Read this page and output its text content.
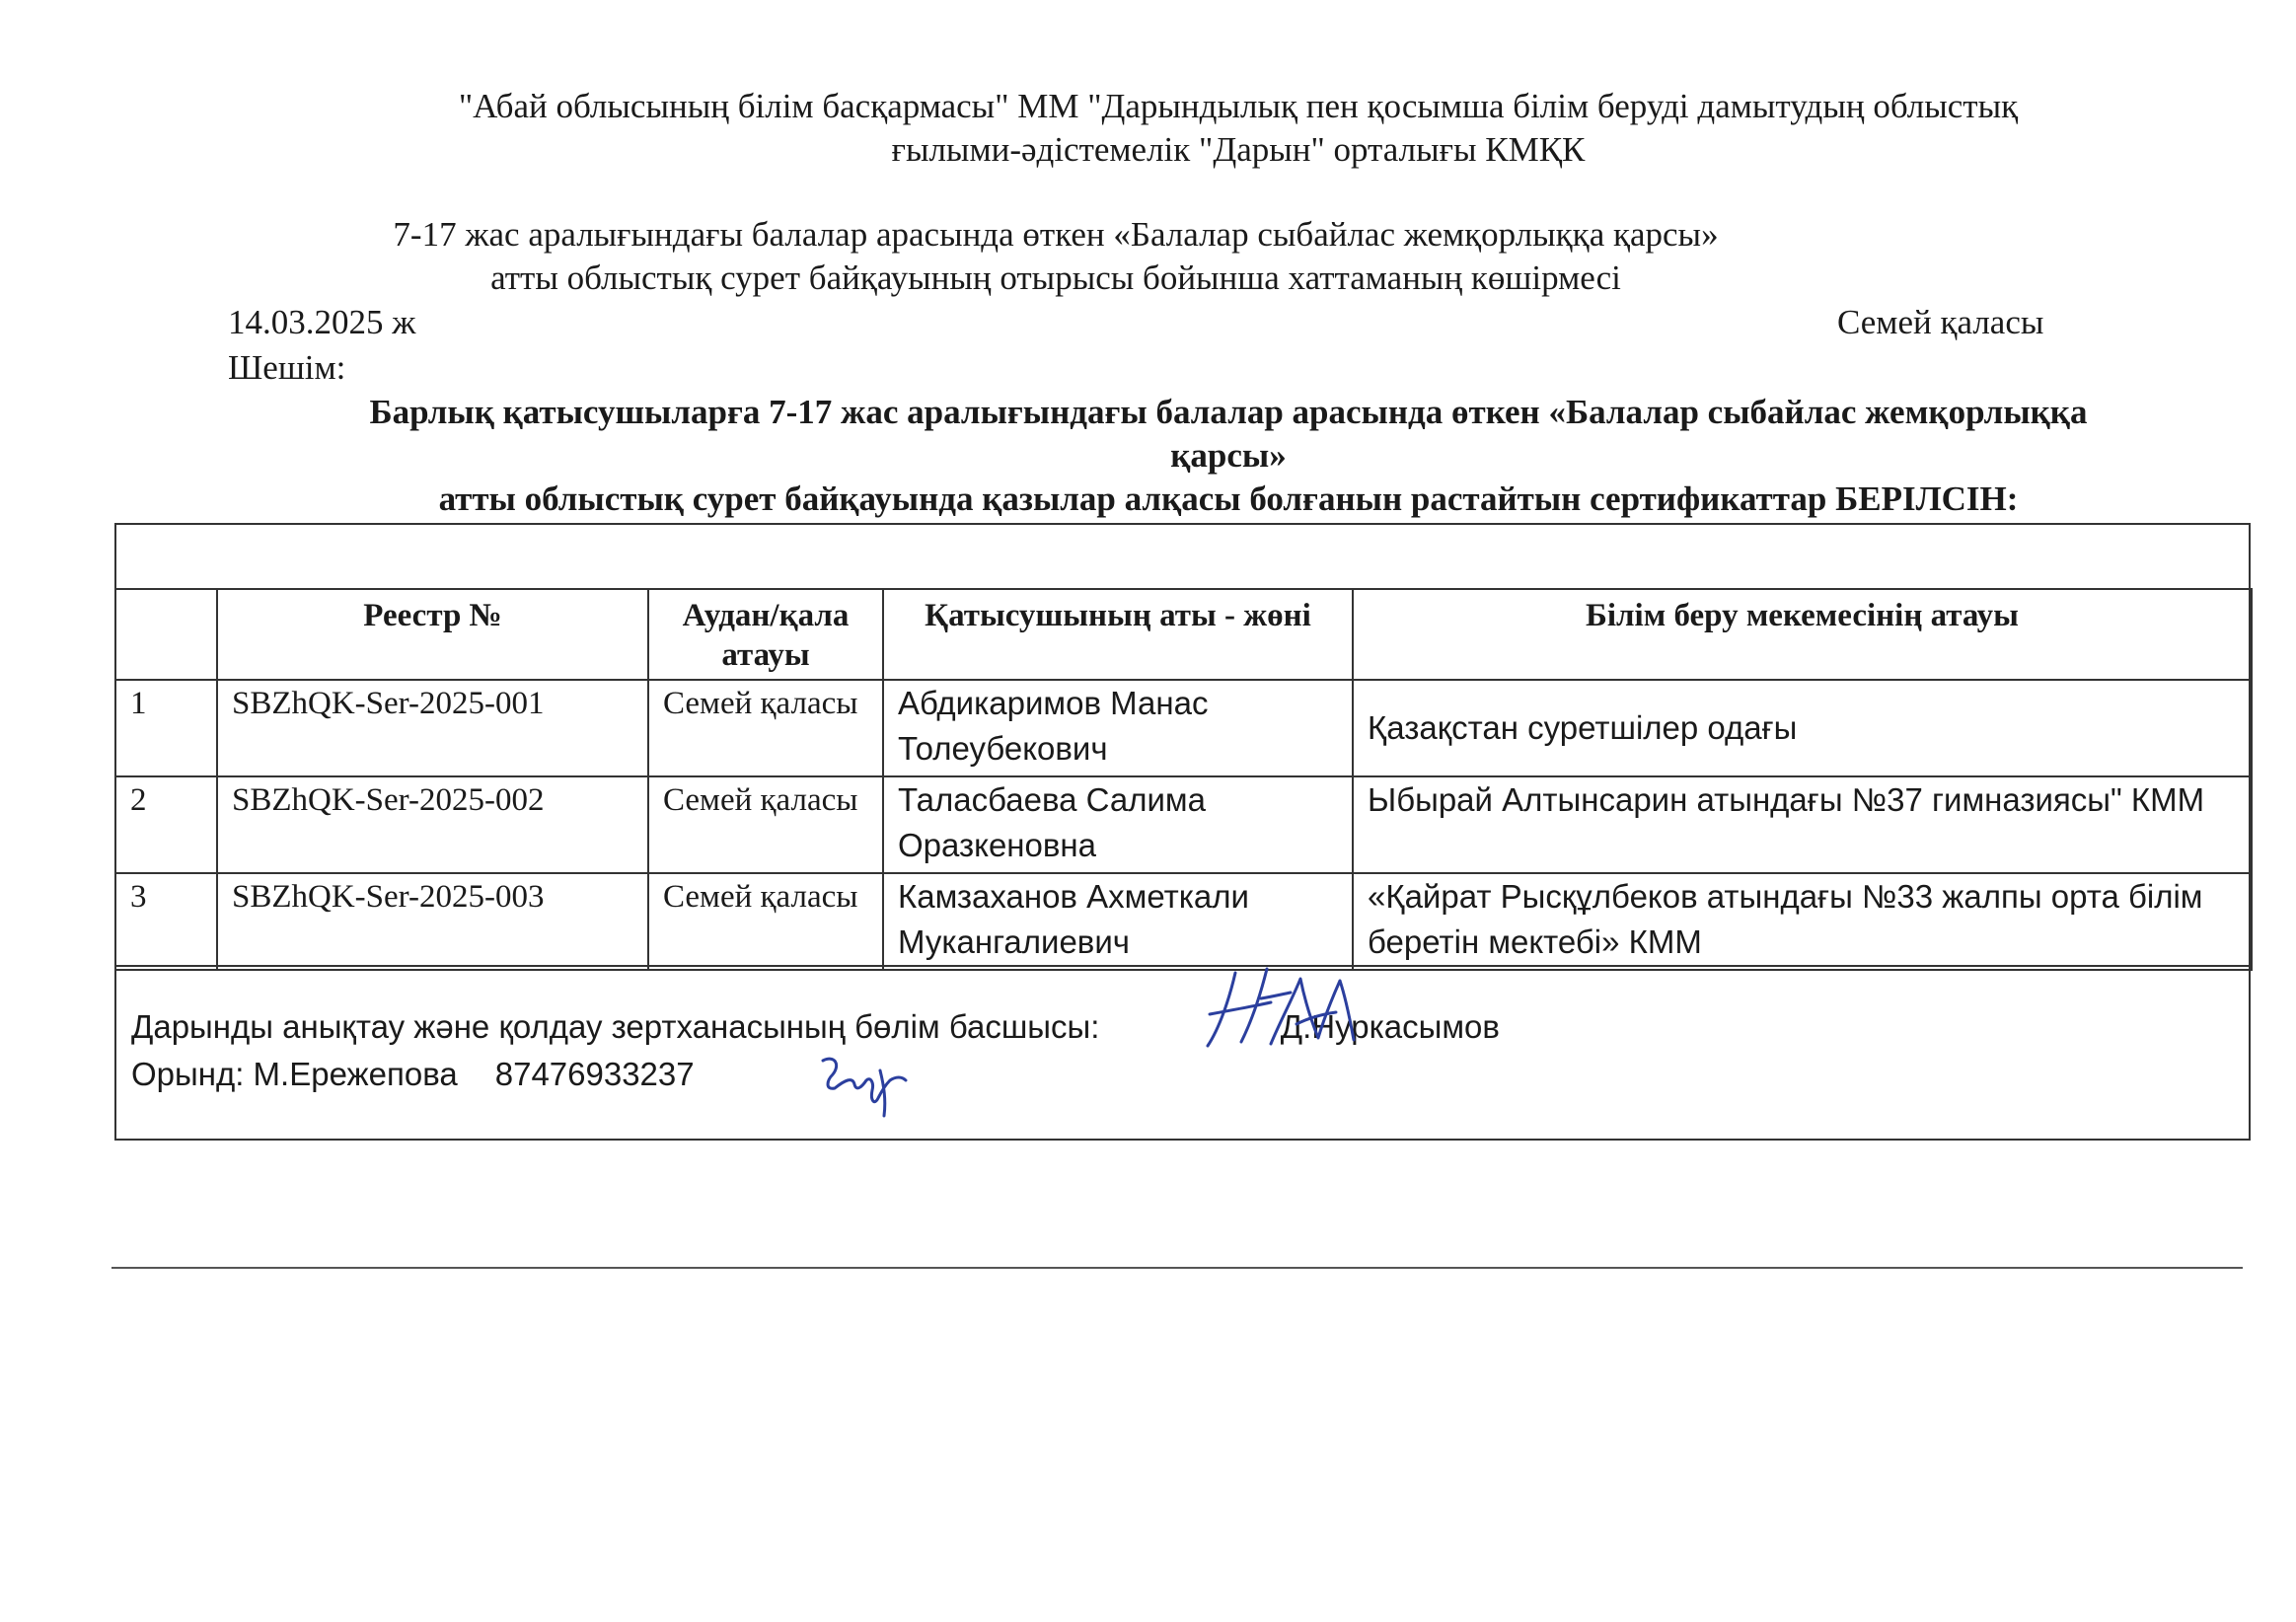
"Абай облысының білім басқармасы" ММ "Дарындылық пен қосымша білім беруді дамытудың облыстық
ғылыми-әдістемелік "Дарын" орталығы КМҚК
7-17 жас аралығындағы балалар арасында өткен «Балалар сыбайлас жемқорлыққа қарсы»
атты облыстық сурет байқауының отырысы бойынша хаттаманың көшірмесі
14.03.2025 ж	Семей қаласы
Шешім:
Барлық қатысушыларға 7-17 жас аралығындағы балалар арасында өткен «Балалар сыбайлас жемқорлыққа
қарсы»
атты облыстық сурет байқауында қазылар алқасы болғанын растайтын сертификаттар БЕРІЛСІН:
	Реестр №	Аудан/қала атауы	Қатысушының аты - жөні	Білім беру мекемесінің атауы
1	SBZhQK-Ser-2025-001	Семей қаласы	Абдикаримов Манас Толеубекович	Қазақстан суретшілер одағы
2	SBZhQK-Ser-2025-002	Семей қаласы	Таласбаева Салима Оразкеновна	Ыбырай Алтынсарин атындағы №37 гимназиясы" КММ
3	SBZhQK-Ser-2025-003	Семей қаласы	Камзаханов Ахметкали Мукангалиевич	«Қайрат Рысқұлбеков атындағы №33 жалпы орта білім беретін мектебі» КММ
Дарынды анықтау және қолдау зертханасының бөлім басшысы:	Д.Нуркасымов
Орынд: М.Ережепова 87476933237
